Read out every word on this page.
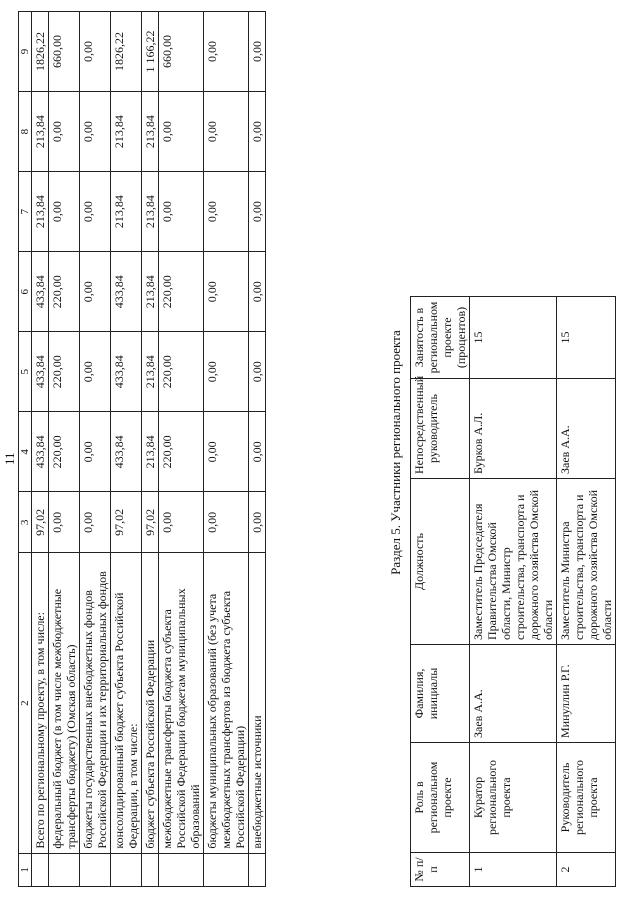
11
1	2	3	4	5	6	7	8	9
	Всего по региональному проекту, в том числе:	97,02	433,84	433,84	433,84	213,84	213,84	1826,22
	федеральный бюджет (в том числе межбюджетные трансферты бюджету) (Омская область)	0,00	220,00	220,00	220,00	0,00	0,00	660,00
	бюджеты государственных внебюджетных фондов Российской Федерации и их территориальных фондов	0,00	0,00	0,00	0,00	0,00	0,00	0,00
	консолидированный бюджет субъекта Российской Федерации, в том числе:	97,02	433,84	433,84	433,84	213,84	213,84	1826,22
	бюджет субъекта Российской Федерации	97,02	213,84	213,84	213,84	213,84	213,84	1 166,22
	межбюджетные трансферты бюджета субъекта Российской Федерации бюджетам муниципальных образований	0,00	220,00	220,00	220,00	0,00	0,00	660,00
	бюджеты муниципальных образований (без учета межбюджетных трансфертов из бюджета субъекта Российской Федерации)	0,00	0,00	0,00	0,00	0,00	0,00	0,00
	внебюджетные источники	0,00	0,00	0,00	0,00	0,00	0,00	0,00
Раздел 5. Участники регионального проекта
№ п/п	Роль в региональном проекте	Фамилия, инициалы	Должность	Непосредственный руководитель	Занятость в региональном проекте (процентов)
1	Куратор регионального проекта	Заев А.А.	Заместитель Председателя Правительства Омской области, Министр строительства, транспорта и дорожного хозяйства Омской области	Бурков А.Л.	15
2	Руководитель регионального проекта	Минуллин Р.Г.	Заместитель Министра строительства, транспорта и дорожного хозяйства Омской области	Заев А.А.	15
